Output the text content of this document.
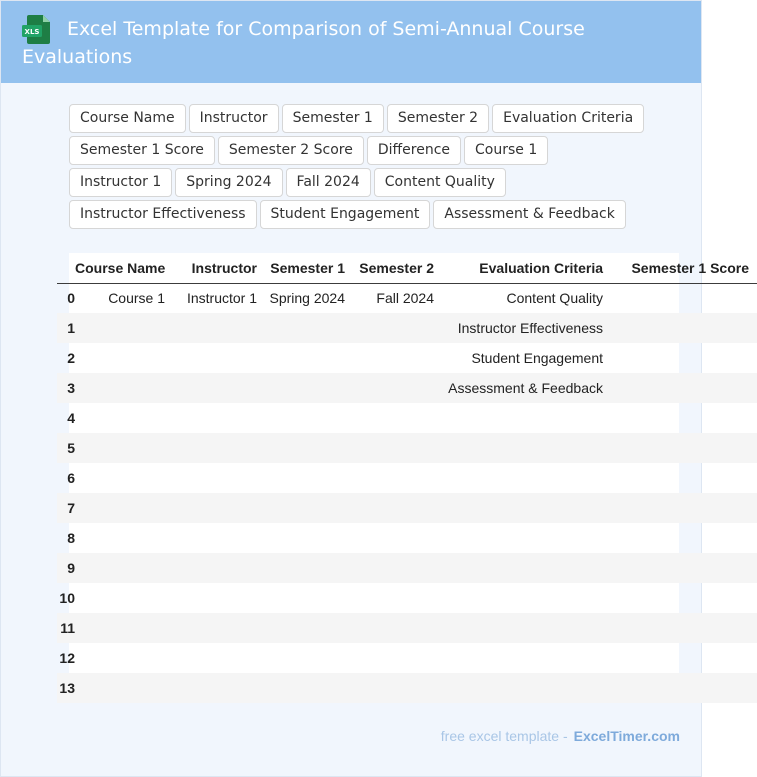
XLS	Excel Template for Comparison of Semi-Annual Course Evaluations
Course Name	Instructor	Semester 1	Semester 2	Evaluation Criteria
Semester 1 Score	Semester 2 Score	Difference	Course 1
Instructor 1	Spring 2024	Fall 2024	Content Quality
Instructor Effectiveness	Student Engagement	Assessment & Feedback
	Course Name	Instructor	Semester 1	Semester 2	Evaluation Criteria	Semester 1 Score
0	Course 1	Instructor 1	Spring 2024	Fall 2024	Content Quality	
1					Instructor Effectiveness	
2					Student Engagement	
3					Assessment & Feedback	
4						
5						
6						
7						
8						
9						
10						
11						
12						
13						
free excel template - ExcelTimer.com
